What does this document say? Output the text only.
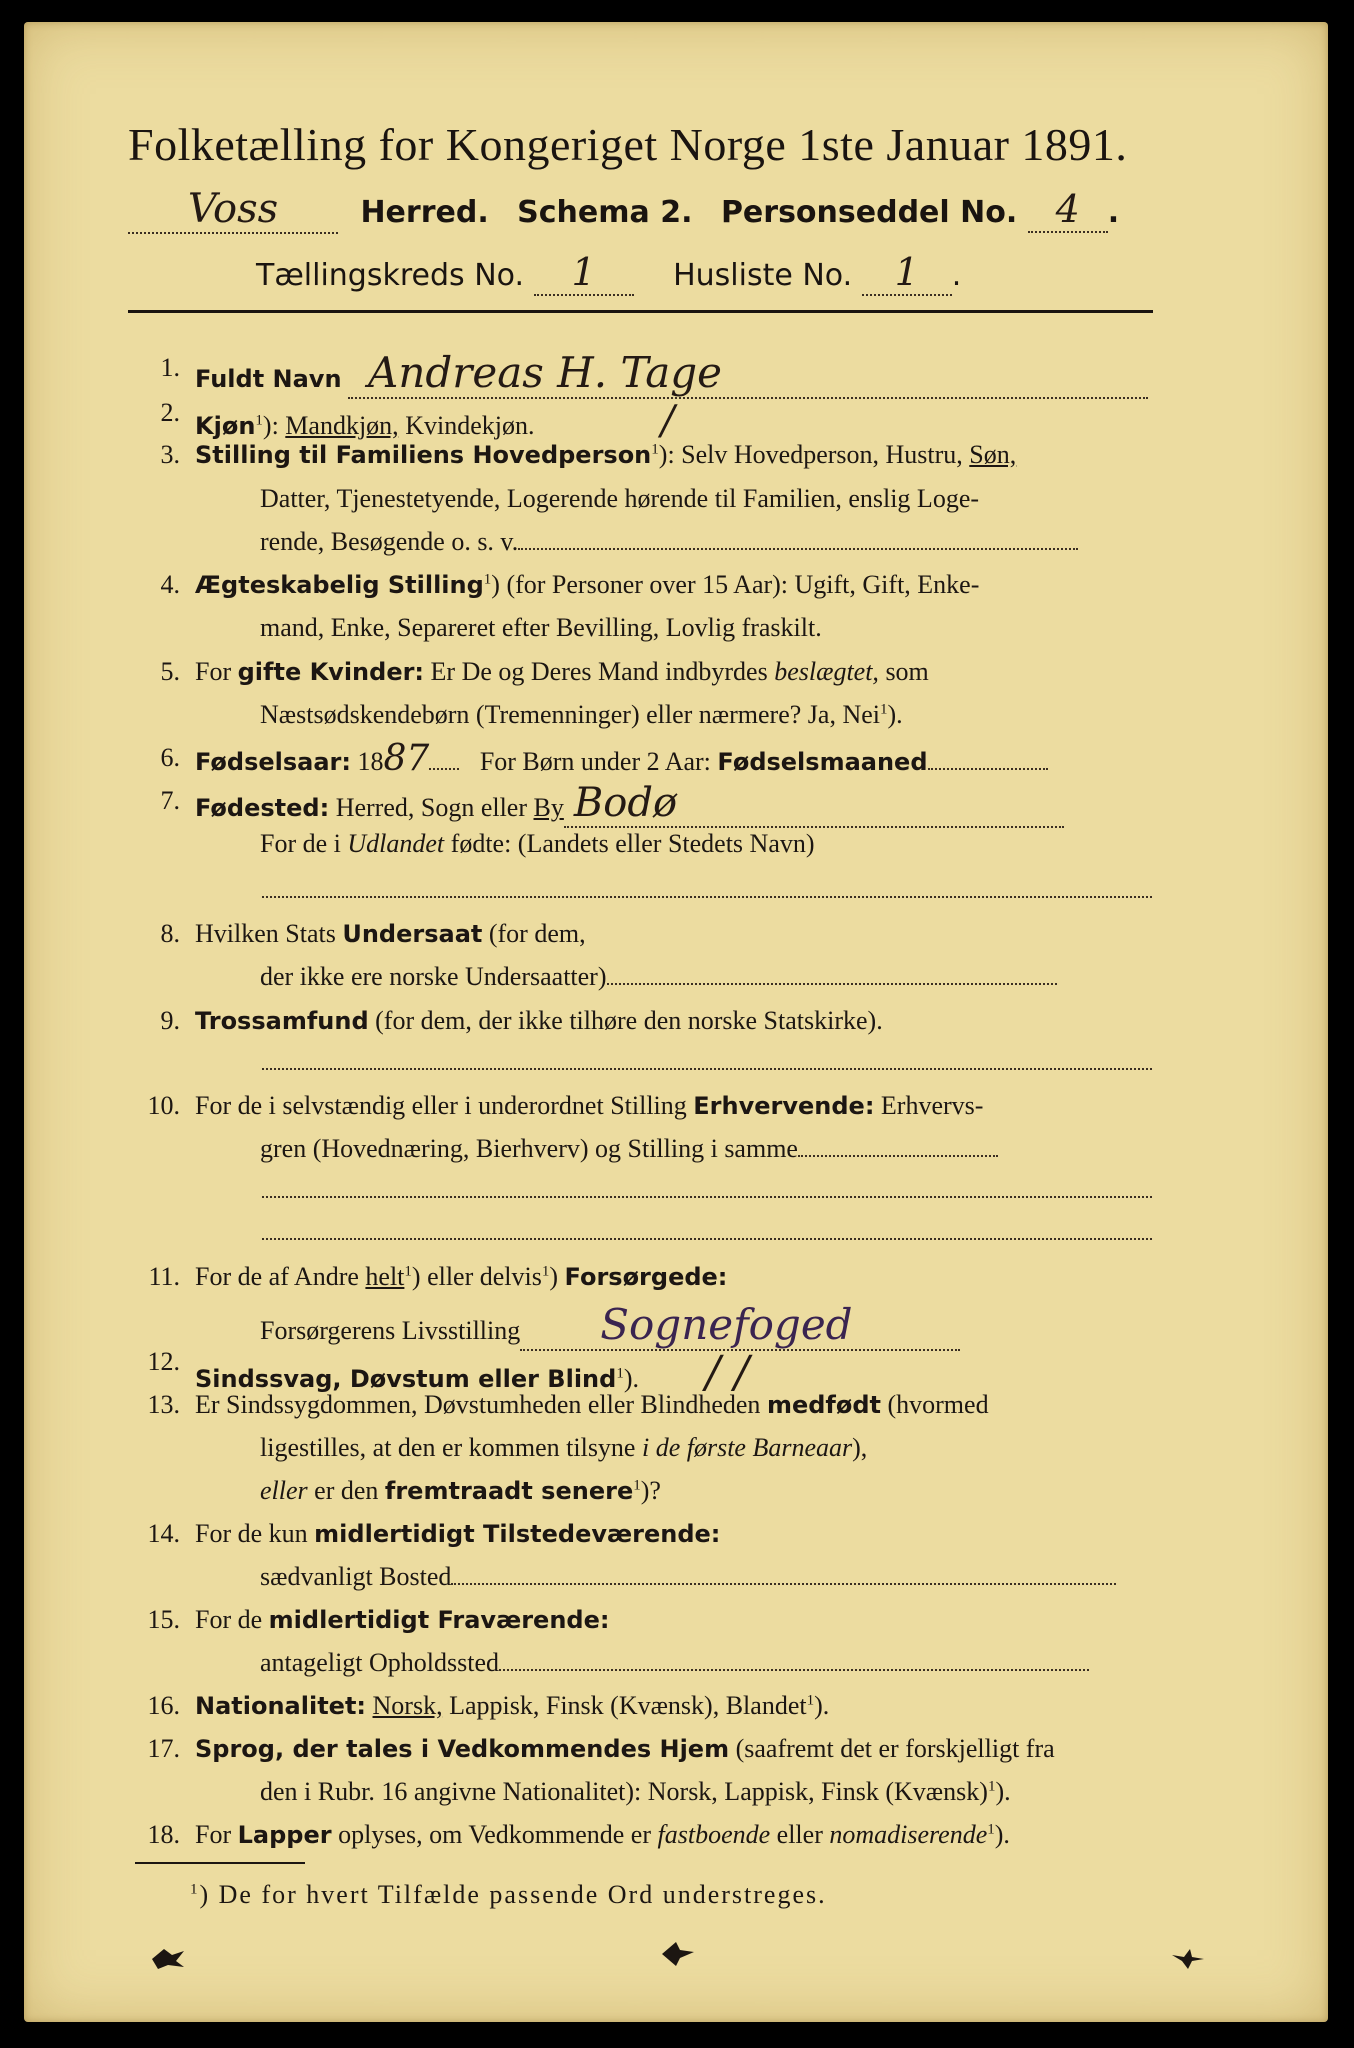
Folketælling for Kongeriget Norge 1ste Januar 1891.
Voss	Herred. Schema 2. Personseddel No. 4 .
Tællingskreds No. 1	Husliste No. 1 .
1. Fuldt Navn Andreas H. Tage
2. Kjøn$^1$): Mandkjøn, Kvindekjøn.	/
3. Stilling til Familiens Hovedperson$^1$): Selv Hovedperson, Hustru, Søn,
Datter, Tjenestetyende, Logerende hørende til Familien, enslig Loge-
rende, Besøgende o. s. v.
4. Ægteskabelig Stilling$^1$) (for Personer over 15 Aar): Ugift, Gift, Enke-
mand, Enke, Separeret efter Bevilling, Lovlig fraskilt.
5. For gifte Kvinder: Er De og Deres Mand indbyrdes beslægtet, som
Næstsødskendebørn (Tremenninger) eller nærmere? Ja, Nei$^1$).
6. Fødselsaar: 1887 For Børn under 2 Aar: Fødselsmaaned
7. Fødested: Herred, Sogn eller By Bodø
For de i Udlandet fødte: (Landets eller Stedets Navn)
8. Hvilken Stats Undersaat (for dem,
der ikke ere norske Undersaatter)
9. Trossamfund (for dem, der ikke tilhøre den norske Statskirke).
10. For de i selvstændig eller i underordnet Stilling Erhvervende: Erhvervs-
gren (Hovednæring, Bierhverv) og Stilling i samme
11. For de af Andre helt$^1$) eller delvis$^1$) Forsørgede:
Forsørgerens Livsstilling Sognefoged
12.
Sindssvag, Døvstum eller Blind$^1$). / /
13. Er Sindssygdommen, Døvstumheden eller Blindheden medfødt (hvormed
ligestilles, at den er kommen tilsyne i de første Barneaar),
eller er den fremtraadt senere$^1$)?
14. For de kun midlertidigt Tilstedeværende:
sædvanligt Bosted
15. For de midlertidigt Fraværende:
antageligt Opholdssted
16. Nationalitet: Norsk, Lappisk, Finsk (Kvænsk), Blandet$^1$).
17. Sprog, der tales i Vedkommendes Hjem (saafremt det er forskjelligt fra
den i Rubr. 16 angivne Nationalitet): Norsk, Lappisk, Finsk (Kvænsk)$^1$).
18. For Lapper oplyses, om Vedkommende er fastboende eller nomadiserende$^1$).
$^1$) De for hvert Tilfælde passende Ord understreges.
